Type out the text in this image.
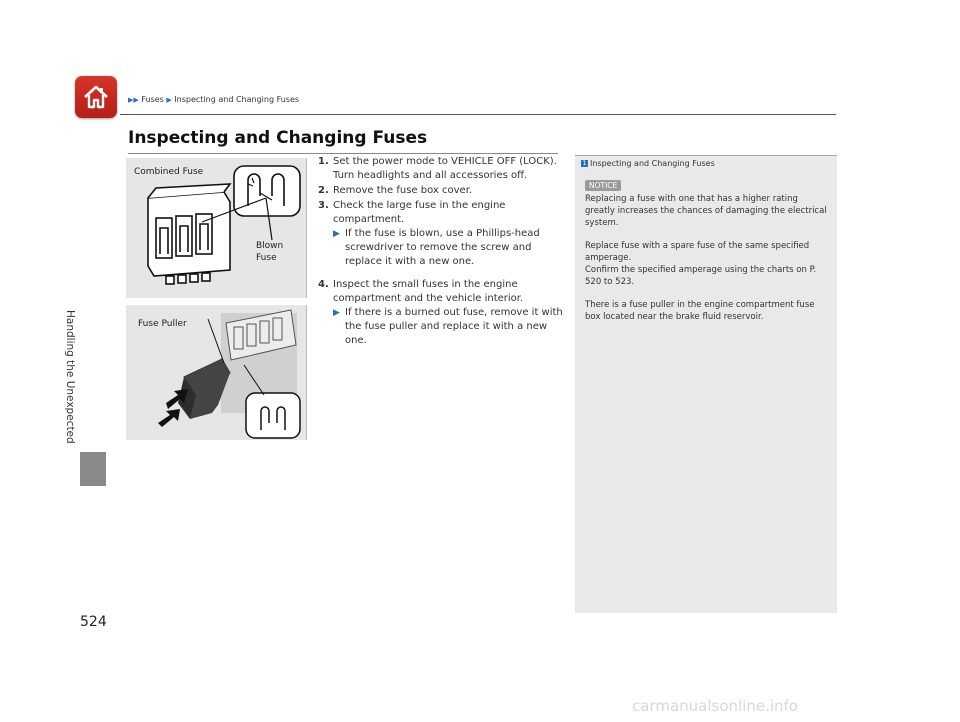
Handling the Unexpected
▶▶ Fuses ▶ Inspecting and Changing Fuses
Inspecting and Changing Fuses
Combined Fuse
Blown
Fuse
Fuse Puller
1. Set the power mode to VEHICLE OFF (LOCK). Turn headlights and all accessories off.
2. Remove the fuse box cover.
3. Check the large fuse in the engine compartment.
▶ If the fuse is blown, use a Phillips-head screwdriver to remove the screw and replace it with a new one.
4. Inspect the small fuses in the engine compartment and the vehicle interior.
▶ If there is a burned out fuse, remove it with the fuse puller and replace it with a new one.
1 Inspecting and Changing Fuses
NOTICE

Replacing a fuse with one that has a higher rating greatly increases the chances of damaging the electrical system.

Replace fuse with a spare fuse of the same specified amperage.
Confirm the specified amperage using the charts on P. 520 to 523.

There is a fuse puller in the engine compartment fuse box located near the brake fluid reservoir.

524
carmanualsonline.info
